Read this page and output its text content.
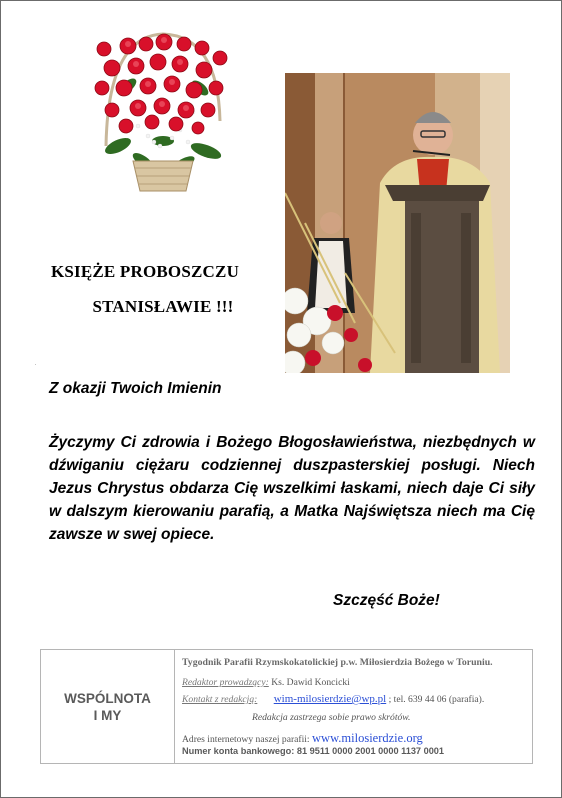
KSIĘŻE PROBOSZCZU
STANISŁAWIE !!!
·
Z okazji Twoich Imienin
Życzymy Ci zdrowia i Bożego Błogosławieństwa, niezbędnych w dźwiganiu ciężaru codziennej duszpasterskiej posługi. Niech Jezus Chrystus obdarza Cię wszelkimi łaskami, niech daje Ci siły w dalszym kierowaniu parafią, a Matka Najświętsza niech ma Cię zawsze w swej opiece.
Szczęść Boże!
WSPÓLNOTA
I MY
Tygodnik Parafii Rzymskokatolickiej p.w. Miłosierdzia Bożego w Toruniu.
Redaktor prowadzący: Ks. Dawid Koncicki
Kontakt z redakcją: wim-milosierdzie@wp.pl ; tel. 639 44 06 (parafia).
Redakcja zastrzega sobie prawo skrótów.
Adres internetowy naszej parafii: www.milosierdzie.org
Numer konta bankowego: 81 9511 0000 2001 0000 1137 0001
